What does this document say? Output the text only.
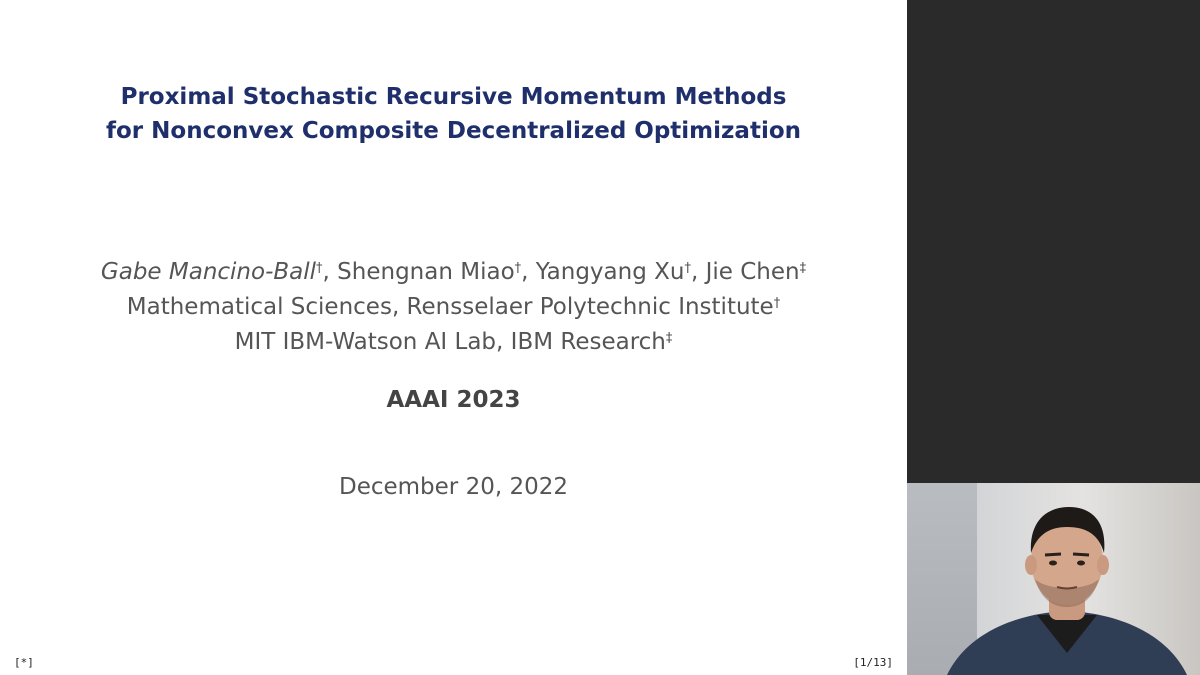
Proximal Stochastic Recursive Momentum Methods
for Nonconvex Composite Decentralized Optimization
Gabe Mancino-Ball†, Shengnan Miao†, Yangyang Xu†, Jie Chen‡
Mathematical Sciences, Rensselaer Polytechnic Institute†
MIT IBM-Watson AI Lab, IBM Research‡
AAAI 2023
December 20, 2022
[*]	[1/13]
